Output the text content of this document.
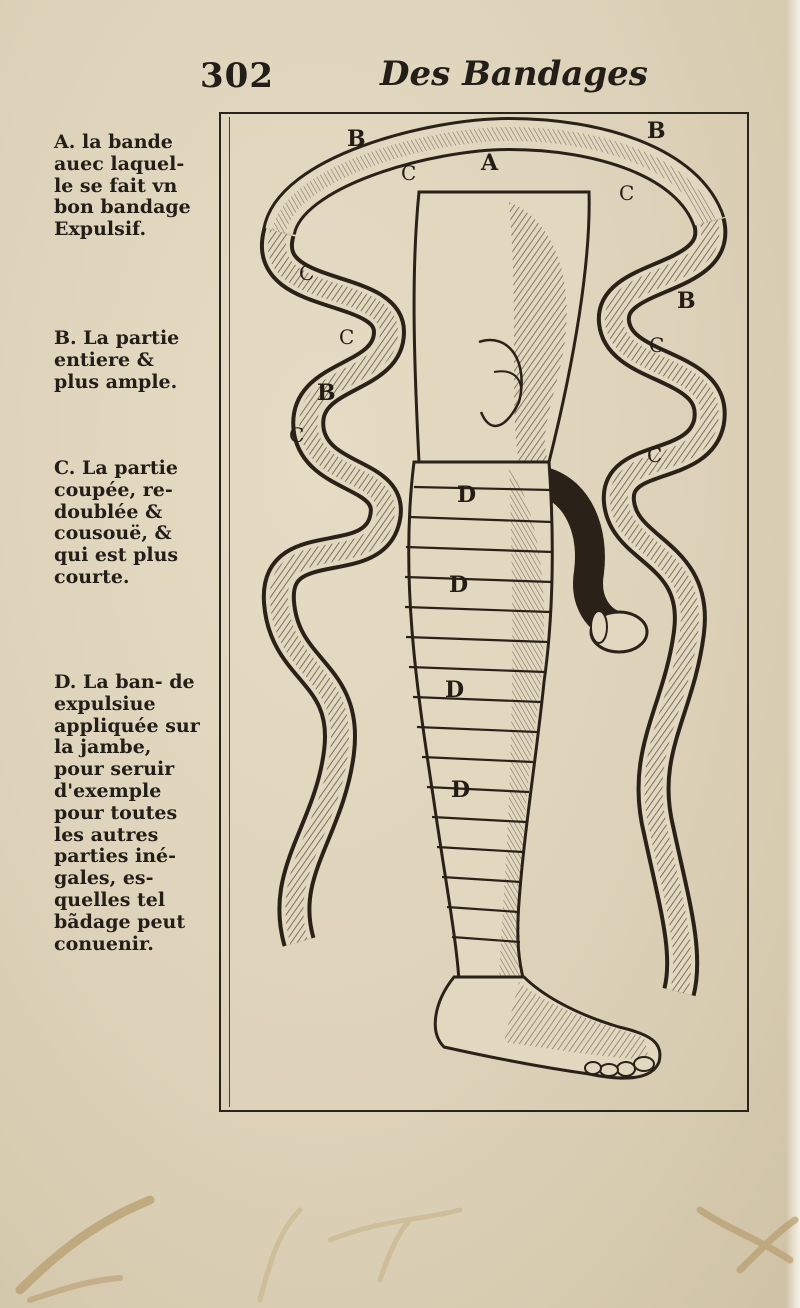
302	Des Bandages
A. la bande auec laquel- le se fait vn bon bandage Expulsif.
B. La partie entiere & plus ample.
C. La partie coupée, re- doublée & cousouë, & qui est plus courte.
D. La ban- de expulsiue appliquée sur la jambe, pour seruir d'exemple pour toutes les autres parties iné- gales, es- quelles tel bãdage peut conuenir.
A
B	B
B
B
C
C
C
C	C
C
C
D
D
D
D
